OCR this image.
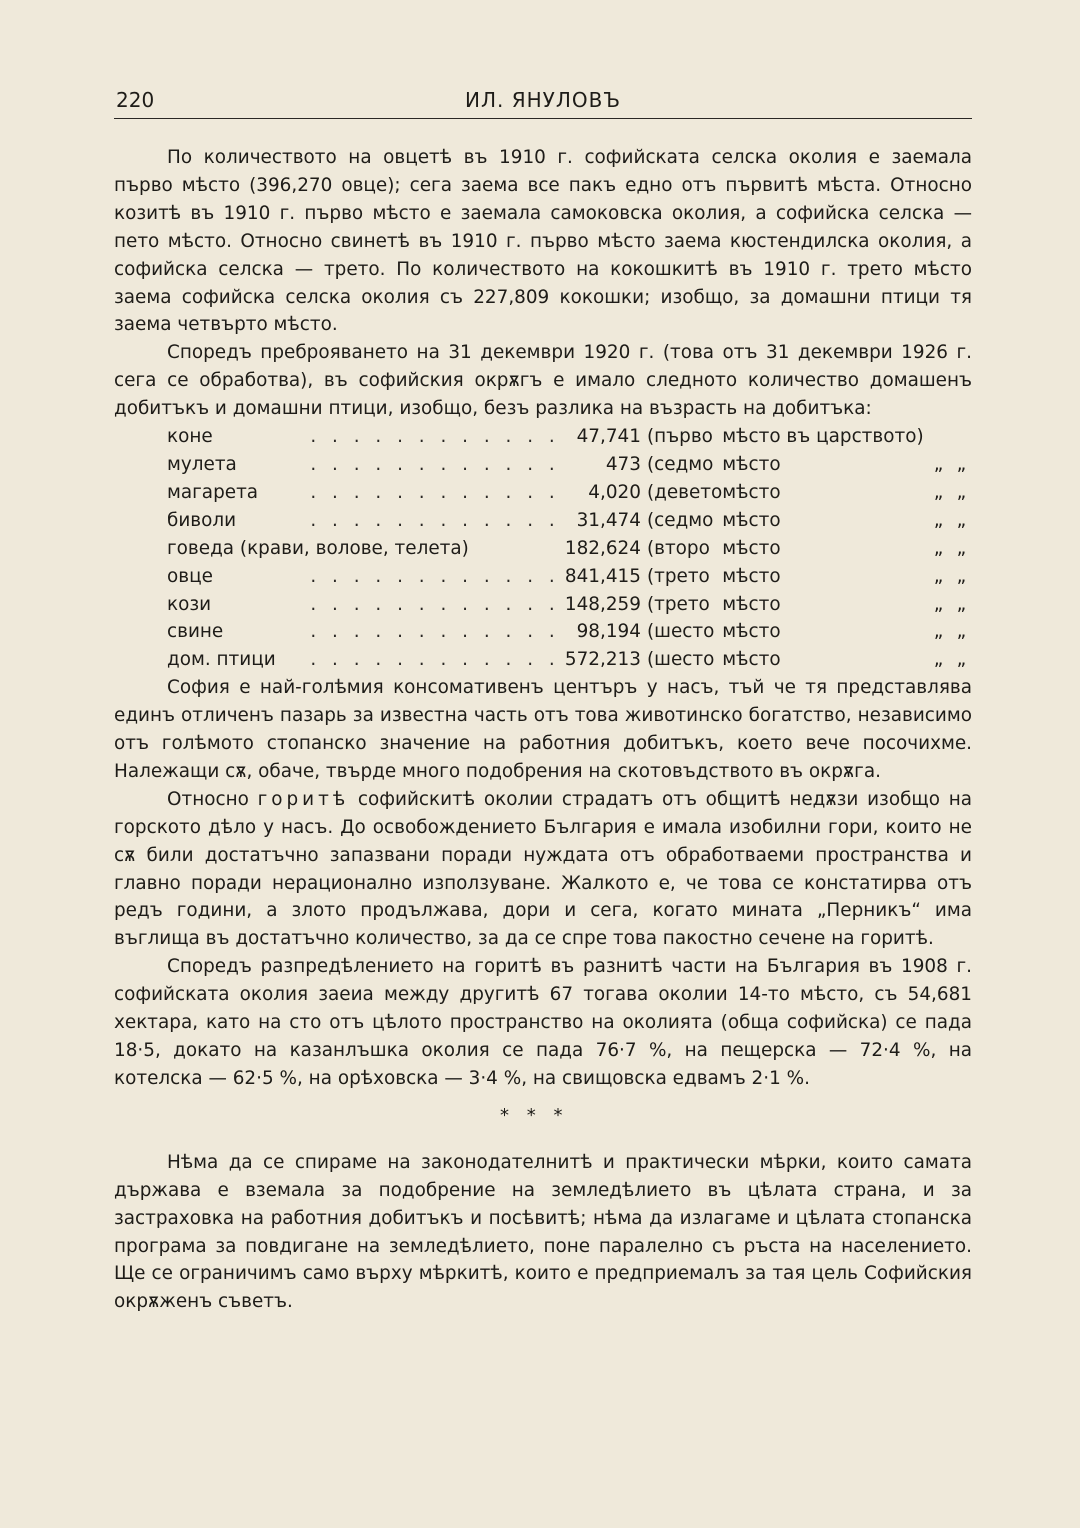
220	ИЛ. ЯНУЛОВЪ

По количеството на овцетѣ въ 1910 г. софийската селска околия е заемала първо мѣсто (396,270 овце); сега заема все пакъ едно отъ първитѣ мѣста. Относно козитѣ въ 1910 г. първо мѣсто е заемала самоковска околия, а софийска селска — пето мѣсто. Относно свинетѣ въ 1910 г. първо мѣсто заема кюстендилска околия, а софийска селска — трето. По количеството на кокошкитѣ въ 1910 г. трето мѣсто заема софийска селска околия съ 227,809 кокошки; изобщо, за домашни птици тя заема четвърто мѣсто.

Споредъ преброяването на 31 декември 1920 г. (това отъ 31 декември 1926 г. сега се обработва), въ софийския окрѫгъ е имало следното количество домашенъ добитъкъ и домашни птици, изобщо, безъ разлика на възрасть на добитъка:

коне	. . . . . . . . . . . .	47,741	(първо	мѣсто въ царството)		
мулета	. . . . . . . . . . . .	473	(седмо	мѣсто	„	„
магарета	. . . . . . . . . . . .	4,020	(девето	мѣсто	„	„
биволи	. . . . . . . . . . . .	31,474	(седмо	мѣсто	„	„
говеда (крави, волове, телета)		182,624	(второ	мѣсто	„	„
овце	. . . . . . . . . . . .	841,415	(трето	мѣсто	„	„
кози	. . . . . . . . . . . .	148,259	(трето	мѣсто	„	„
свине	. . . . . . . . . . . .	98,194	(шесто	мѣсто	„	„
дом. птици	. . . . . . . . . . . .	572,213	(шесто	мѣсто	„	„

София е най-голѣмия консомативенъ центъръ у насъ, тъй че тя представлява единъ отличенъ пазарь за известна часть отъ това животинско богатство, независимо отъ голѣмото стопанско значение на работния добитъкъ, което вече посочихме. Належащи сѫ, обаче, твърде много подобрения на скотовъдството въ окрѫга.

Относно горитѣ софийскитѣ околии страдатъ отъ общитѣ недѫзи изобщо на горското дѣло у насъ. До освобождението България е имала изобилни гори, които не сѫ били достатъчно запазвани поради нуждата отъ обработваеми пространства и главно поради нерационално използуване. Жалкото е, че това се констатирва отъ редъ години, а злото продължава, дори и сега, когато мината „Перникъ“ има въглища въ достатъчно количество, за да се спре това пакостно сечене на горитѣ.

Споредъ разпредѣлението на горитѣ въ разнитѣ части на България въ 1908 г. софийската околия заеиа между другитѣ 67 тогава околии 14-то мѣсто, съ 54,681 хектара, като на сто отъ цѣлото пространство на околията (обща софийска) се пада 18·5, докато на казанлъшка околия се пада 76·7 %, на пещерска — 72·4 %, на котелска — 62·5 %, на орѣховска — 3·4 %, на свищовска едвамъ 2·1 %.

* * *

Нѣма да се спираме на законодателнитѣ и практически мѣрки, които самата държава е вземала за подобрение на земледѣлието въ цѣлата страна, и за застраховка на работния добитъкъ и посѣвитѣ; нѣма да излагаме и цѣлата стопанска програма за повдигане на земледѣлието, поне паралелно съ ръста на населението. Ще се ограничимъ само върху мѣркитѣ, които е предприемалъ за тая цель Софийския окрѫженъ съветъ.
